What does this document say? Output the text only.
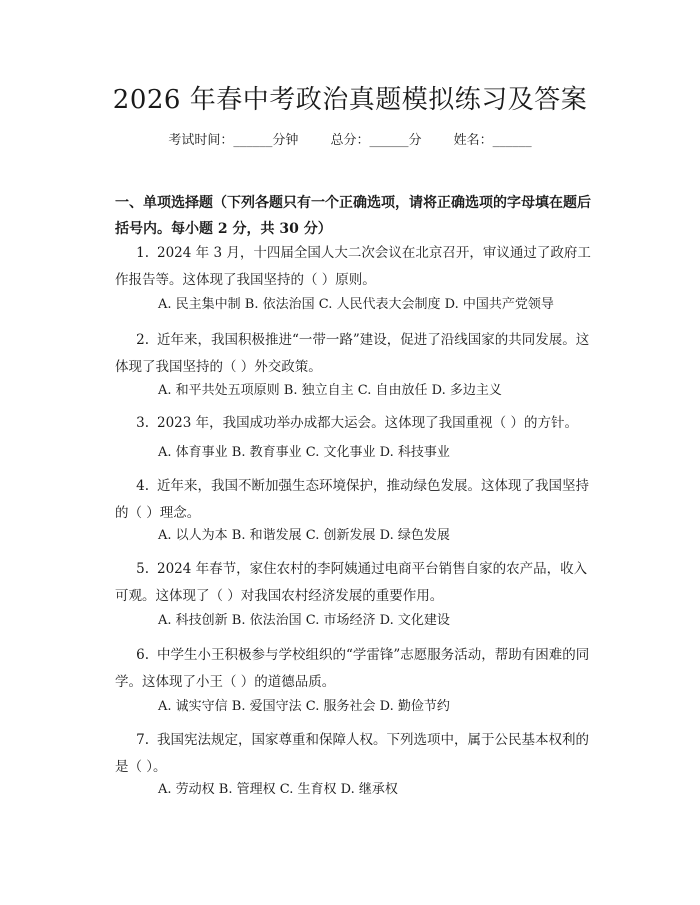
2026 年春中考政治真题模拟练习及答案
考试时间：______分钟 总分：______分 姓名：______
一、单项选择题（下列各题只有一个正确选项，请将正确选项的字母填在题后括号内。每小题 2 分，共 30 分）
1. 2024 年 3 月，十四届全国人大二次会议在北京召开，审议通过了政府工作报告等。这体现了我国坚持的（ ）原则。
A. 民主集中制 B. 依法治国 C. 人民代表大会制度 D. 中国共产党领导
2. 近年来，我国积极推进“一带一路”建设，促进了沿线国家的共同发展。这体现了我国坚持的（ ）外交政策。
A. 和平共处五项原则 B. 独立自主 C. 自由放任 D. 多边主义
3. 2023 年，我国成功举办成都大运会。这体现了我国重视（ ）的方针。
A. 体育事业 B. 教育事业 C. 文化事业 D. 科技事业
4. 近年来，我国不断加强生态环境保护，推动绿色发展。这体现了我国坚持的（ ）理念。
A. 以人为本 B. 和谐发展 C. 创新发展 D. 绿色发展
5. 2024 年春节，家住农村的李阿姨通过电商平台销售自家的农产品，收入可观。这体现了（ ）对我国农村经济发展的重要作用。
A. 科技创新 B. 依法治国 C. 市场经济 D. 文化建设
6. 中学生小王积极参与学校组织的“学雷锋”志愿服务活动，帮助有困难的同学。这体现了小王（ ）的道德品质。
A. 诚实守信 B. 爱国守法 C. 服务社会 D. 勤俭节约
7. 我国宪法规定，国家尊重和保障人权。下列选项中，属于公民基本权利的是（ ）。
A. 劳动权 B. 管理权 C. 生育权 D. 继承权
